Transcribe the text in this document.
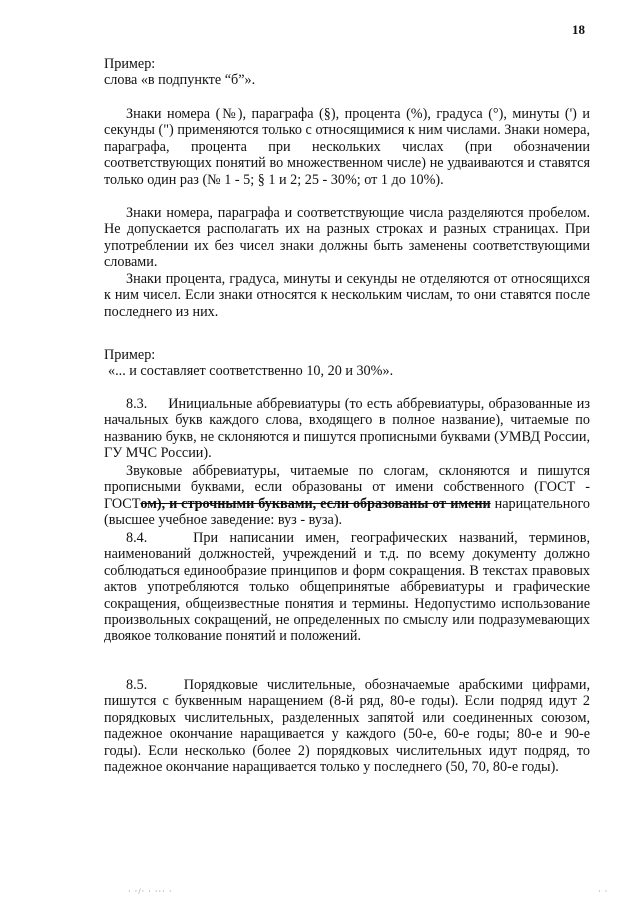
18
Пример:
слова «в подпункте “б”».
Знаки номера (№), параграфа (§), процента (%), градуса (°), минуты (') и секунды (") применяются только с относящимися к ним числами. Знаки номера, параграфа, процента при нескольких числах (при обозначении соответствующих понятий во множественном числе) не удваиваются и ставятся только один раз (№ 1 - 5; § 1 и 2; 25 - 30%; от 1 до 10%).
Знаки номера, параграфа и соответствующие числа разделяются пробелом. Не допускается располагать их на разных строках и разных страницах. При употреблении их без чисел знаки должны быть заменены соответствующими словами.
Знаки процента, градуса, минуты и секунды не отделяются от относящихся к ним чисел. Если знаки относятся к нескольким числам, то они ставятся после последнего из них.
Пример:
«... и составляет соответственно 10, 20 и 30%».
8.3. Инициальные аббревиатуры (то есть аббревиатуры, образованные из начальных букв каждого слова, входящего в полное название), читаемые по названию букв, не склоняются и пишутся прописными буквами (УМВД России, ГУ МЧС России).
Звуковые аббревиатуры, читаемые по слогам, склоняются и пишутся прописными буквами, если образованы от имени собственного (ГОСТ - ГОСТом), и строчными буквами, если образованы от имени нарицательного (высшее учебное заведение: вуз - вуза).
8.4.	При написании имен, географических названий, терминов, наименований должностей, учреждений и т.д. по всему документу должно соблюдаться единообразие принципов и форм сокращения. В текстах правовых актов употребляются только общепринятые аббревиатуры и графические сокращения, общеизвестные понятия и термины. Недопустимо использование произвольных сокращений, не определенных по смыслу или подразумевающих двоякое толкование понятий и положений.
8.5.	Порядковые числительные, обозначаемые арабскими цифрами, пишутся с буквенным наращением (8-й ряд, 80-е годы). Если подряд идут 2 порядковых числительных, разделенных запятой или соединенных союзом, падежное окончание наращивается у каждого (50-е, 60-е годы; 80-е и 90-е годы). Если несколько (более 2) порядковых числительных идут подряд, то падежное окончание наращивается только у последнего (50, 70, 80-е годы).
· ·/· · ··· ·	· ·
